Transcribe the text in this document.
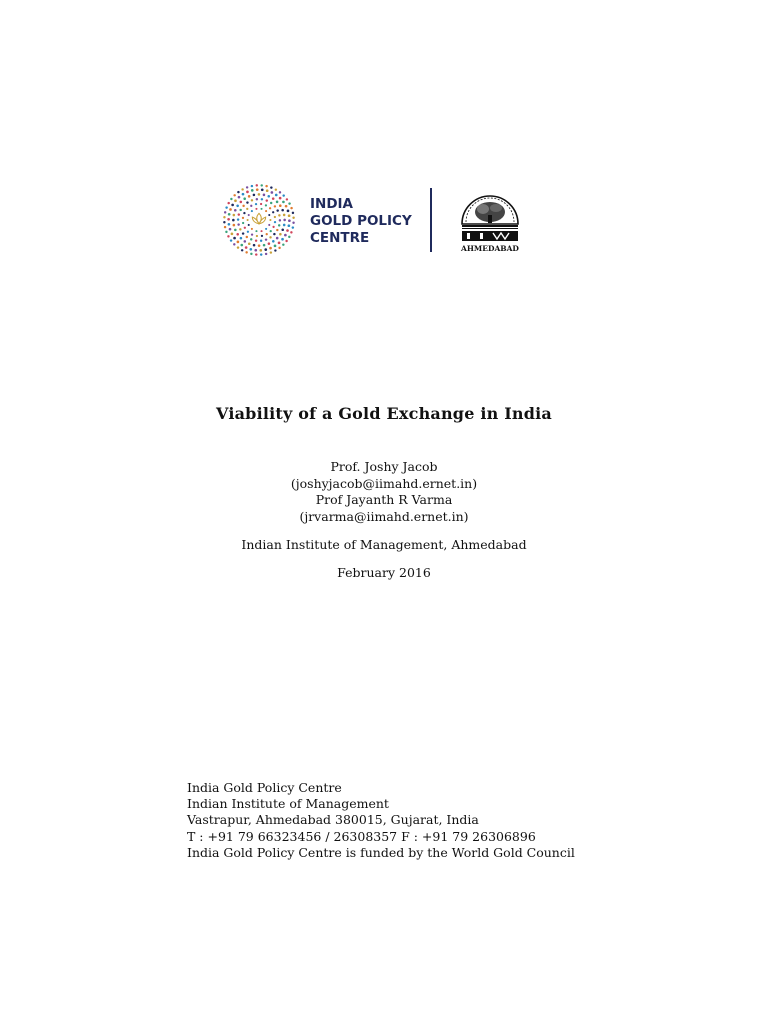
INDIA
GOLD POLICY
CENTRE
AHMEDABAD
Viability of a Gold Exchange in India
Prof. Joshy Jacob
(joshyjacob@iimahd.ernet.in)
Prof Jayanth R Varma
(jrvarma@iimahd.ernet.in)
Indian Institute of Management, Ahmedabad
February 2016
India Gold Policy Centre
Indian Institute of Management
Vastrapur, Ahmedabad 380015, Gujarat, India
T : +91 79 66323456 / 26308357 F : +91 79 26306896
India Gold Policy Centre is funded by the World Gold Council
